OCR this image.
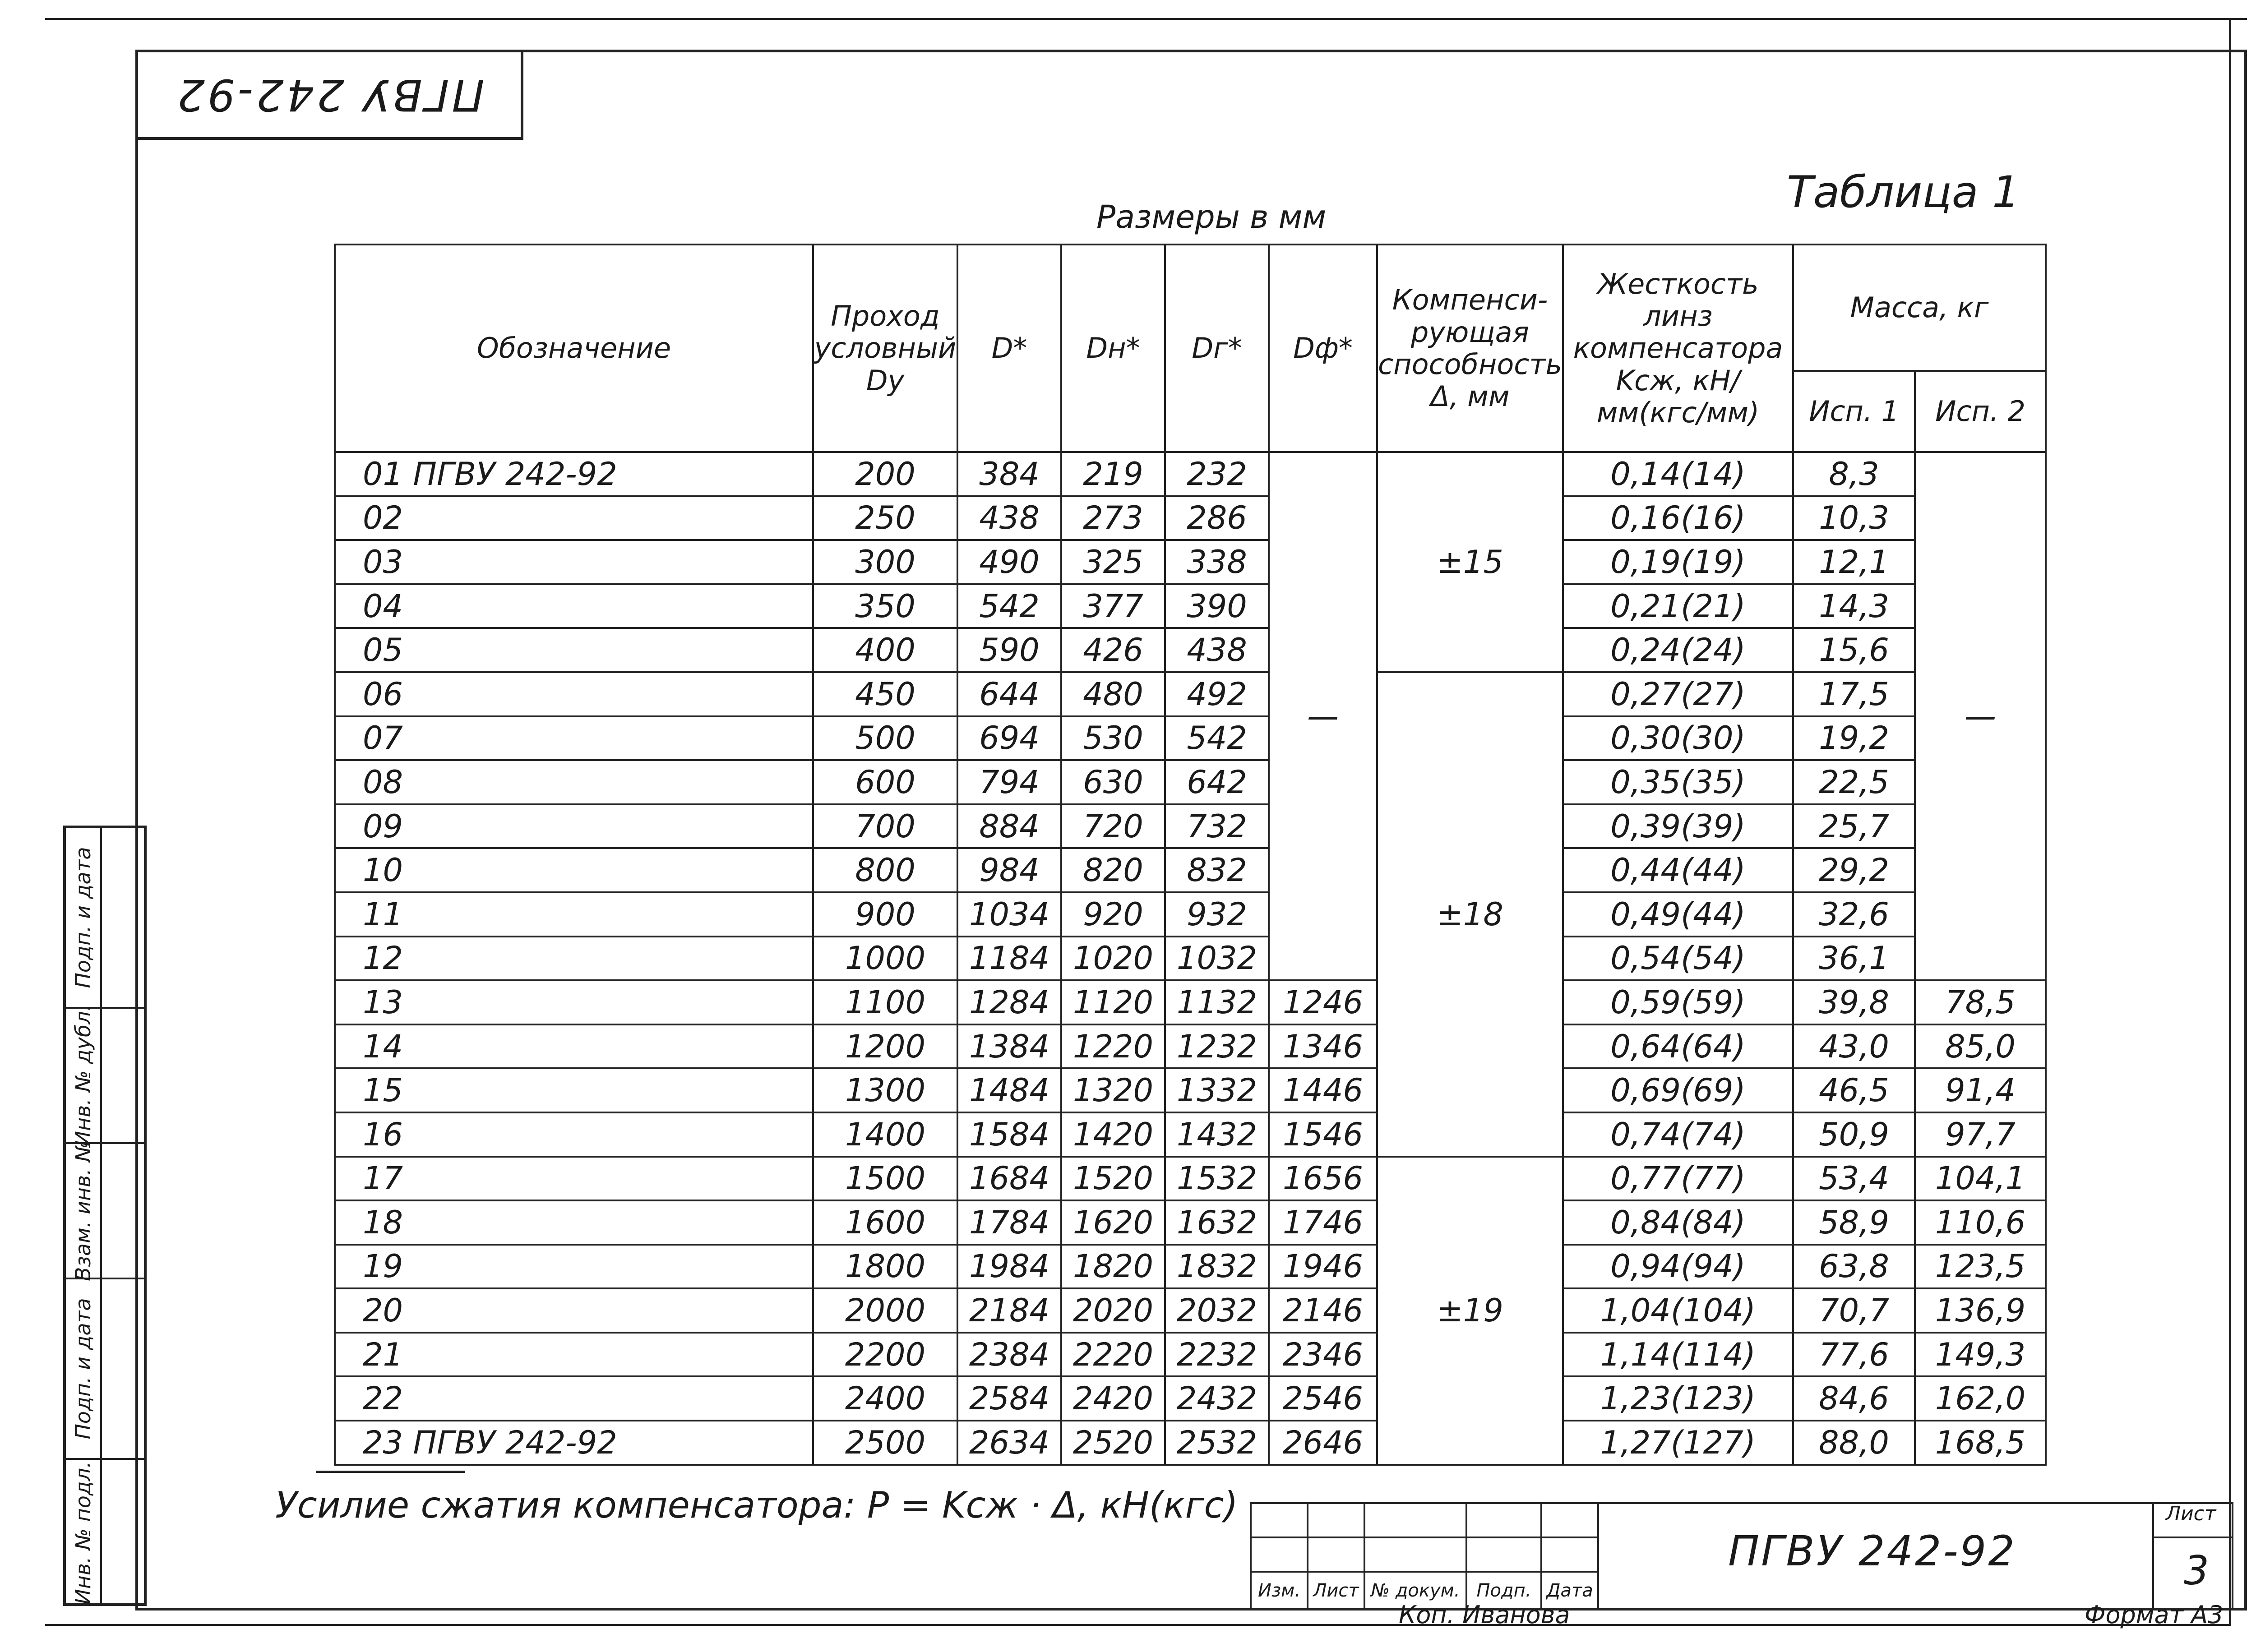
ПГВУ 242-92
Подп. и дата
Инв. № дубл.
Взам. инв. №
Подп. и дата
Инв. № подл.
Таблица 1
Размеры в мм
Обозначение	Проход условный Dy	D*	Dн*	Dг*	Dф*	Компенси- рующая способность Δ, мм	Жесткость линз компенсатора Kсж, кН/мм(кгс/мм)	Масса, кг	
								Исп. 1	Исп. 2
01 ПГВУ 242-92	200	384	219	232	—	±15	0,14(14)	8,3	—
02	250	438	273	286			0,16(16)	10,3	
03	300	490	325	338			0,19(19)	12,1	
04	350	542	377	390			0,21(21)	14,3	
05	400	590	426	438			0,24(24)	15,6	
06	450	644	480	492		±18	0,27(27)	17,5	
07	500	694	530	542			0,30(30)	19,2	
08	600	794	630	642			0,35(35)	22,5	
09	700	884	720	732			0,39(39)	25,7	
10	800	984	820	832			0,44(44)	29,2	
11	900	1034	920	932			0,49(44)	32,6	
12	1000	1184	1020	1032			0,54(54)	36,1	
13	1100	1284	1120	1132	1246		0,59(59)	39,8	78,5
14	1200	1384	1220	1232	1346		0,64(64)	43,0	85,0
15	1300	1484	1320	1332	1446		0,69(69)	46,5	91,4
16	1400	1584	1420	1432	1546		0,74(74)	50,9	97,7
17	1500	1684	1520	1532	1656	±19	0,77(77)	53,4	104,1
18	1600	1784	1620	1632	1746		0,84(84)	58,9	110,6
19	1800	1984	1820	1832	1946		0,94(94)	63,8	123,5
20	2000	2184	2020	2032	2146		1,04(104)	70,7	136,9
21	2200	2384	2220	2232	2346		1,14(114)	77,6	149,3
22	2400	2584	2420	2432	2546		1,23(123)	84,6	162,0
23 ПГВУ 242-92	2500	2634	2520	2532	2646		1,27(127)	88,0	168,5
Усилие сжатия компенсатора: P = Kсж · Δ, кН(кгс)
Изм. Лист № докум. Подп. Дата
ПГВУ 242-92
Лист
3
Коп. Иванова	Формат А3
